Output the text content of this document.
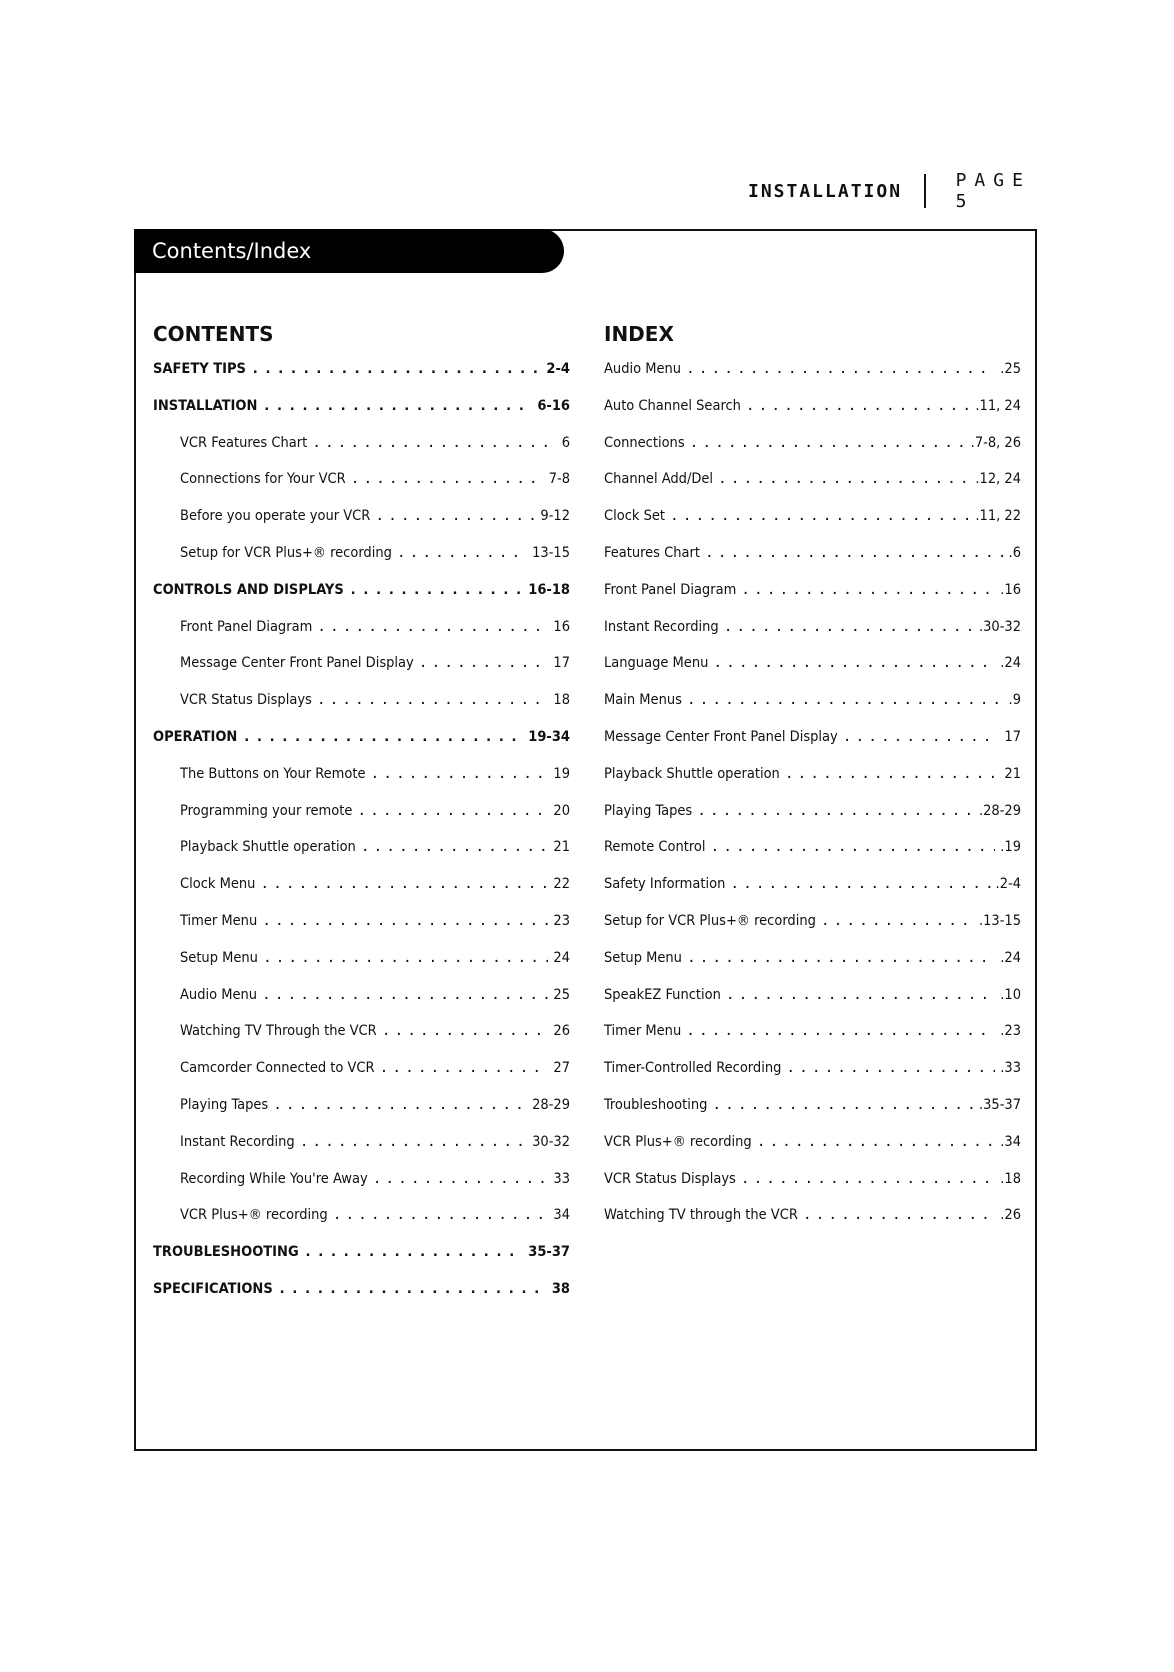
INSTALLATION	PAGE 5
Contents/Index
CONTENTS
SAFETY TIPS .....	2-4
INSTALLATION .....	6-16
VCR Features Chart .....	6
Connections for Your VCR .....	7-8
Before you operate your VCR .....	9-12
Setup for VCR Plus+® recording .....	13-15
CONTROLS AND DISPLAYS .....	16-18
Front Panel Diagram .....	16
Message Center Front Panel Display .....	17
VCR Status Displays .....	18
OPERATION .....	19-34
The Buttons on Your Remote .....	19
Programming your remote .....	20
Playback Shuttle operation .....	21
Clock Menu .....	22
Timer Menu .....	23
Setup Menu .....	24
Audio Menu .....	25
Watching TV Through the VCR .....	26
Camcorder Connected to VCR .....	27
Playing Tapes .....	28-29
Instant Recording .....	30-32
Recording While You're Away .....	33
VCR Plus+® recording .....	34
TROUBLESHOOTING .....	35-37
SPECIFICATIONS .....	38
INDEX
Audio Menu .....	.25
Auto Channel Search .....	.11, 24
Connections .....	.7-8, 26
Channel Add/Del .....	.12, 24
Clock Set .....	.11, 22
Features Chart .....	.6
Front Panel Diagram .....	.16
Instant Recording .....	.30-32
Language Menu .....	.24
Main Menus .....	.9
Message Center Front Panel Display .....	17
Playback Shuttle operation .....	21
Playing Tapes .....	.28-29
Remote Control .....	.19
Safety Information .....	.2-4
Setup for VCR Plus+® recording .....	.13-15
Setup Menu .....	.24
SpeakEZ Function .....	.10
Timer Menu .....	.23
Timer-Controlled Recording .....	.33
Troubleshooting .....	.35-37
VCR Plus+® recording .....	.34
VCR Status Displays .....	.18
Watching TV through the VCR .....	.26
